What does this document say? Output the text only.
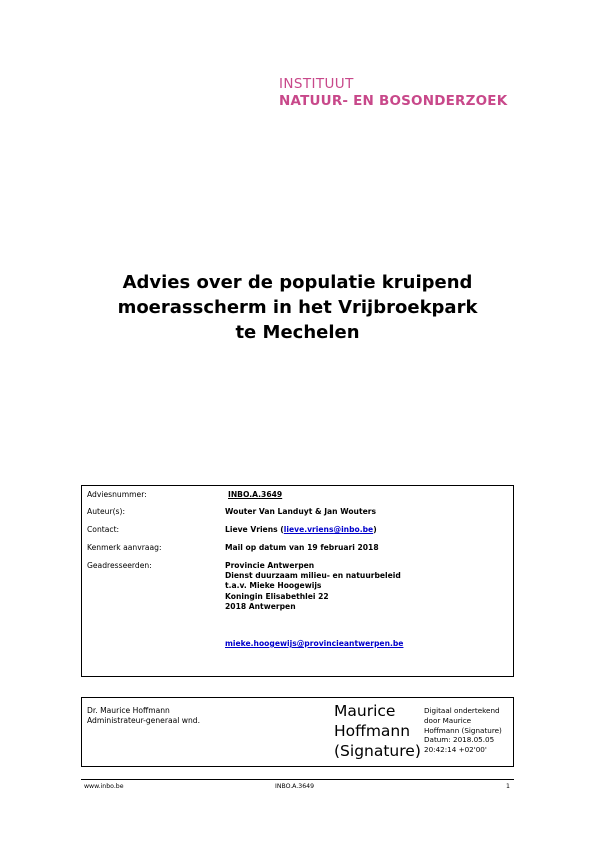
INSTITUUT
NATUUR- EN BOSONDERZOEK
Advies over de populatie kruipend
moerasscherm in het Vrijbroekpark
te Mechelen
Adviesnummer:	INBO.A.3649
Auteur(s):	Wouter Van Landuyt & Jan Wouters
Contact:	Lieve Vriens (lieve.vriens@inbo.be)
Kenmerk aanvraag:	Mail op datum van 19 februari 2018
Geadresseerden:	Provincie Antwerpen
Dienst duurzaam milieu- en natuurbeleid
t.a.v. Mieke Hoogewijs
Koningin Elisabethlei 22
2018 Antwerpen
mieke.hoogewijs@provincieantwerpen.be
Dr. Maurice Hoffmann
Administrateur-generaal wnd.
Maurice
Hoffmann
(Signature)
Digitaal ondertekend
door Maurice
Hoffmann (Signature)
Datum: 2018.05.05
20:42:14 +02'00'
www.inbo.be	INBO.A.3649	1
